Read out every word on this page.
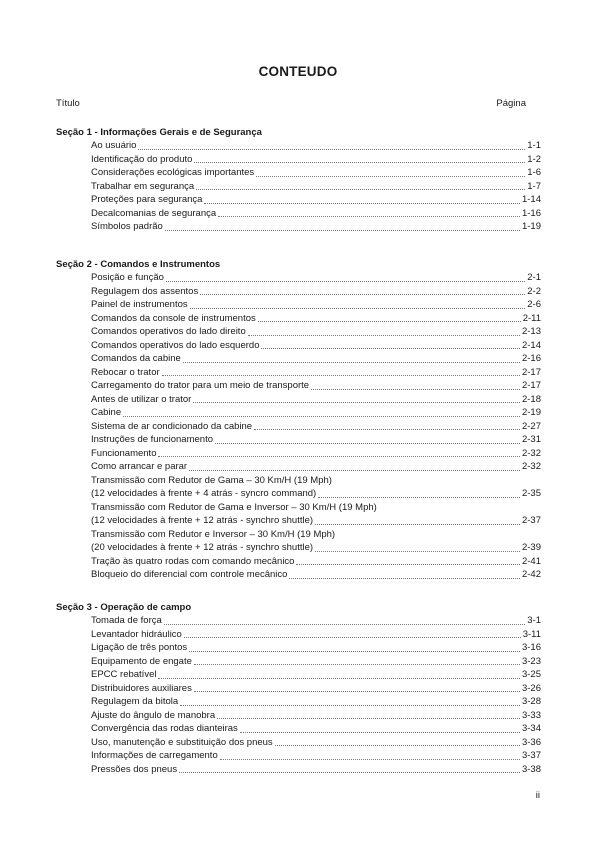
CONTEUDO
Título	Página
Seção 1 - Informações Gerais e de Segurança
Ao usuário	1-1
Identificação do produto	1-2
Considerações ecológicas importantes	1-6
Trabalhar em segurança	1-7
Proteções para segurança	1-14
Decalcomanias de segurança	1-16
Símbolos padrão	1-19
Seção 2 - Comandos e Instrumentos
Posição e função	2-1
Regulagem dos assentos	2-2
Painel de instrumentos	2-6
Comandos da console de instrumentos	2-11
Comandos operativos do lado direito	2-13
Comandos operativos do lado esquerdo	2-14
Comandos da cabine	2-16
Rebocar o trator	2-17
Carregamento do trator para um meio de transporte	2-17
Antes de utilizar o trator	2-18
Cabine	2-19
Sistema de ar condicionado da cabine	2-27
Instruções de funcionamento	2-31
Funcionamento	2-32
Como arrancar e parar	2-32
Transmissão com Redutor de Gama – 30 Km/H (19 Mph)
(12 velocidades à frente + 4 atrás - syncro command)	2-35
Transmissão com Redutor de Gama e Inversor – 30 Km/H (19 Mph)
(12 velocidades à frente + 12 atrás - synchro shuttle)	2-37
Transmissão com Redutor e Inversor – 30 Km/H (19 Mph)
(20 velocidades à frente + 12 atrás - synchro shuttle)	2-39
Tração às quatro rodas com comando mecânico	2-41
Bloqueio do diferencial com controle mecânico	2-42
Seção 3 - Operação de campo
Tomada de força	3-1
Levantador hidráulico	3-11
Ligação de três pontos	3-16
Equipamento de engate	3-23
EPCC rebatível	3-25
Distribuidores auxiliares	3-26
Regulagem da bitola	3-28
Ajuste do ângulo de manobra	3-33
Convergência das rodas dianteiras	3-34
Uso, manutenção e substituição dos pneus	3-36
Informações de carregamento	3-37
Pressões dos pneus	3-38
ii
